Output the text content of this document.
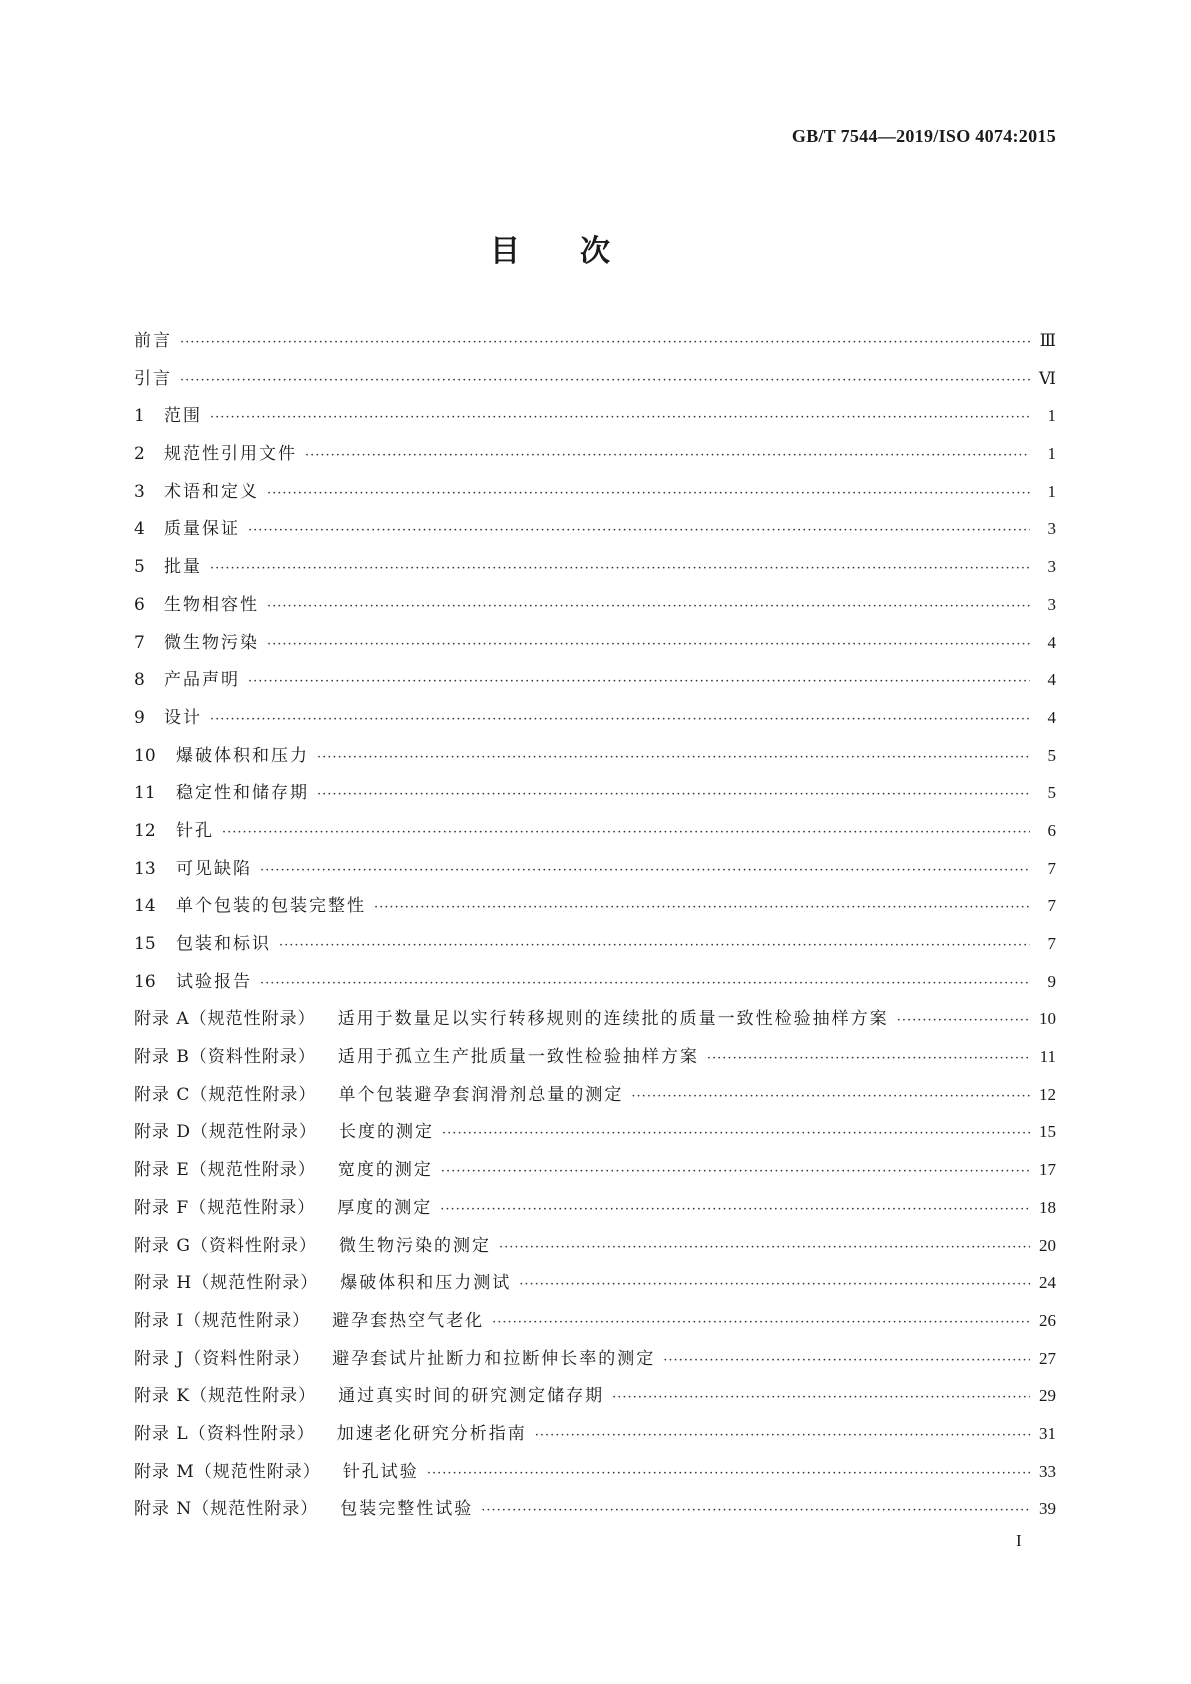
GB/T 7544—2019/ISO 4074:2015
目次
前言 ·····	Ⅲ
引言 ·····	Ⅵ
1	范围 ·····	1
2	规范性引用文件 ·····	1
3	术语和定义 ·····	1
4	质量保证 ·····	3
5	批量 ·····	3
6	生物相容性 ·····	3
7	微生物污染 ·····	4
8	产品声明 ·····	4
9	设计 ·····	4
10	爆破体积和压力 ·····	5
11	稳定性和储存期 ·····	5
12	针孔 ·····	6
13	可见缺陷 ·····	7
14	单个包装的包装完整性 ·····	7
15	包装和标识 ·····	7
16	试验报告 ·····	9
附录 A（规范性附录）	适用于数量足以实行转移规则的连续批的质量一致性检验抽样方案 ·····	10
附录 B（资料性附录）	适用于孤立生产批质量一致性检验抽样方案 ·····	11
附录 C（规范性附录）	单个包装避孕套润滑剂总量的测定 ·····	12
附录 D（规范性附录）	长度的测定 ·····	15
附录 E（规范性附录）	宽度的测定 ·····	17
附录 F（规范性附录）	厚度的测定 ·····	18
附录 G（资料性附录）	微生物污染的测定 ·····	20
附录 H（规范性附录）	爆破体积和压力测试 ·····	24
附录 I（规范性附录）	避孕套热空气老化 ·····	26
附录 J（资料性附录）	避孕套试片扯断力和拉断伸长率的测定 ·····	27
附录 K（规范性附录）	通过真实时间的研究测定储存期 ·····	29
附录 L（资料性附录）	加速老化研究分析指南 ·····	31
附录 M（规范性附录）	针孔试验 ·····	33
附录 N（规范性附录）	包装完整性试验 ·····	39
I
